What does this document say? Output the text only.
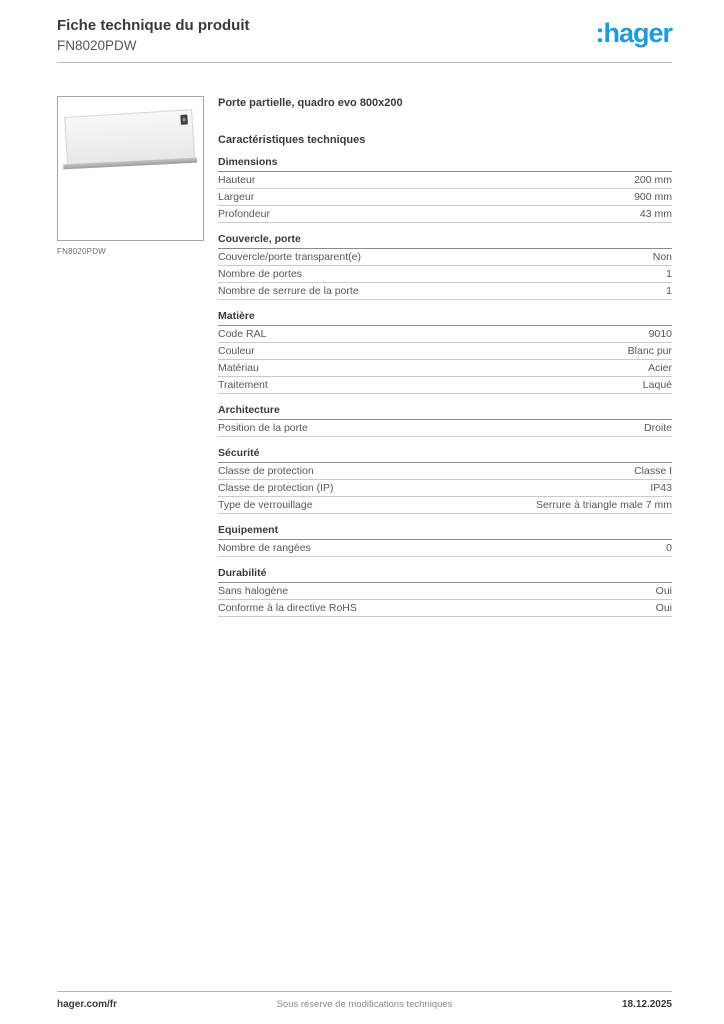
Fiche technique du produit
FN8020PDW	:hager
FN8020PDW
Porte partielle, quadro evo 800x200
Caractéristiques techniques
Dimensions
Hauteur	200 mm
Largeur	900 mm
Profondeur	43 mm
Couvercle, porte
Couvercle/porte transparent(e)	Non
Nombre de portes	1
Nombre de serrure de la porte	1
Matière
Code RAL	9010
Couleur	Blanc pur
Matériau	Acier
Traitement	Laqué
Architecture
Position de la porte	Droite
Sécurité
Classe de protection	Classe I
Classe de protection (IP)	IP43
Type de verrouillage	Serrure à triangle male 7 mm
Equipement
Nombre de rangées	0
Durabilité
Sans halogène	Oui
Conforme à la directive RoHS	Oui
hager.com/fr	Sous réserve de modifications techniques	18.12.2025
